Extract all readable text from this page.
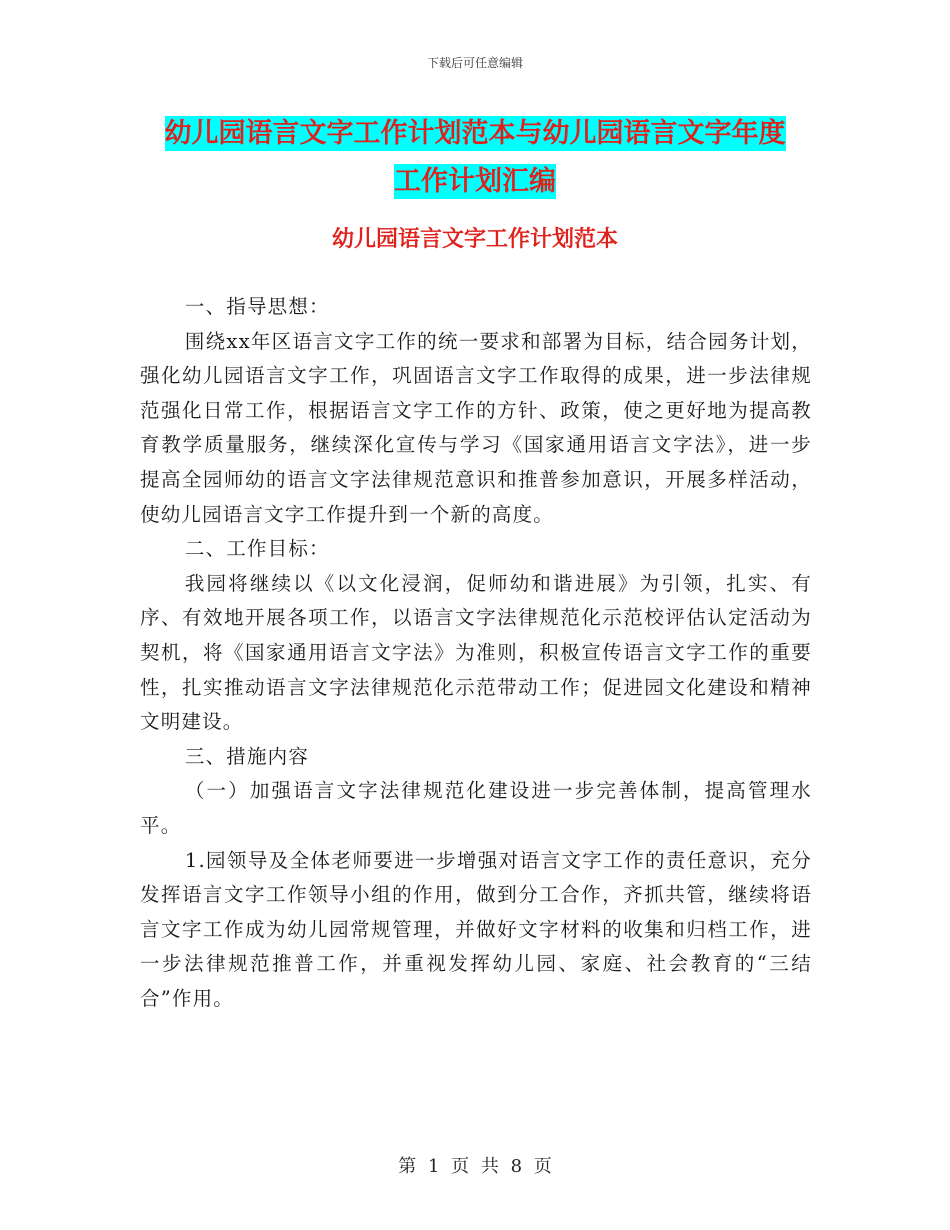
下载后可任意编辑
幼儿园语言文字工作计划范本与幼儿园语言文字年度
工作计划汇编
幼儿园语言文字工作计划范本

一、指导思想：

围绕xx年区语言文字工作的统一要求和部署为目标，结合园务计划，强化幼儿园语言文字工作，巩固语言文字工作取得的成果，进一步法律规范强化日常工作，根据语言文字工作的方针、政策，使之更好地为提高教育教学质量服务，继续深化宣传与学习《国家通用语言文字法》，进一步提高全园师幼的语言文字法律规范意识和推普参加意识，开展多样活动，使幼儿园语言文字工作提升到一个新的高度。

二、工作目标：

我园将继续以《以文化浸润，促师幼和谐进展》为引领，扎实、有序、有效地开展各项工作，以语言文字法律规范化示范校评估认定活动为契机，将《国家通用语言文字法》为准则，积极宣传语言文字工作的重要性，扎实推动语言文字法律规范化示范带动工作；促进园文化建设和精神文明建设。

三、措施内容

（一）加强语言文字法律规范化建设进一步完善体制，提高管理水平。

1.园领导及全体老师要进一步增强对语言文字工作的责任意识，充分发挥语言文字工作领导小组的作用，做到分工合作，齐抓共管，继续将语言文字工作成为幼儿园常规管理，并做好文字材料的收集和归档工作，进一步法律规范推普工作，并重视发挥幼儿园、家庭、社会教育的“三结合”作用。

第 1 页 共 8 页
